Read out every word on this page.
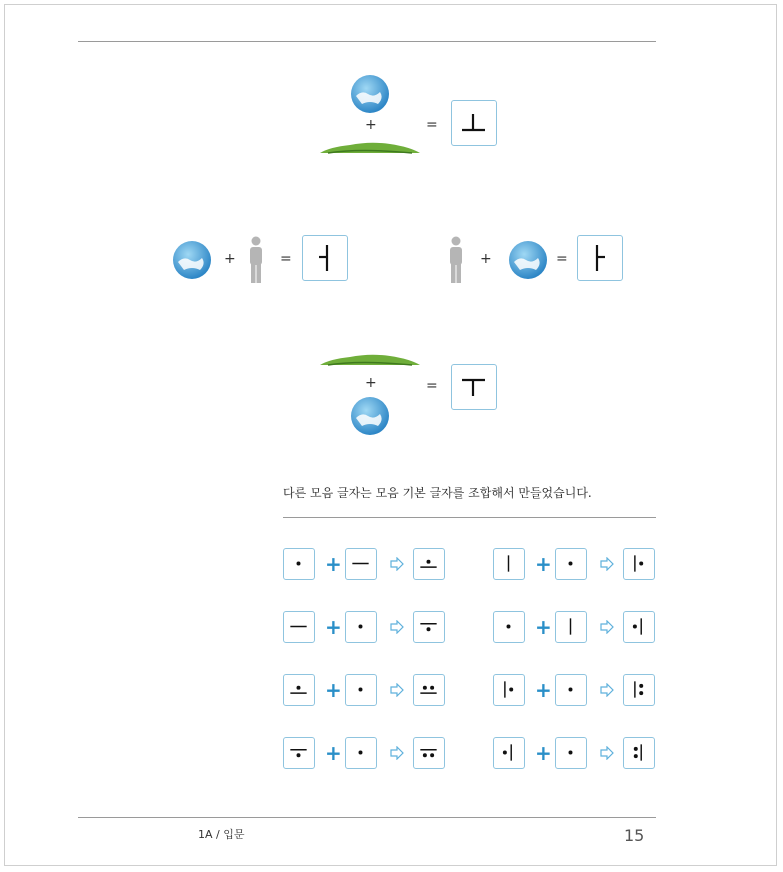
+	=
+	=	+	=
+	=
다른 모음 글자는 모음 기본 글자를 조합해서 만들었습니다.
+	+
+	+
+	+
+	+
1A / 입문	15
